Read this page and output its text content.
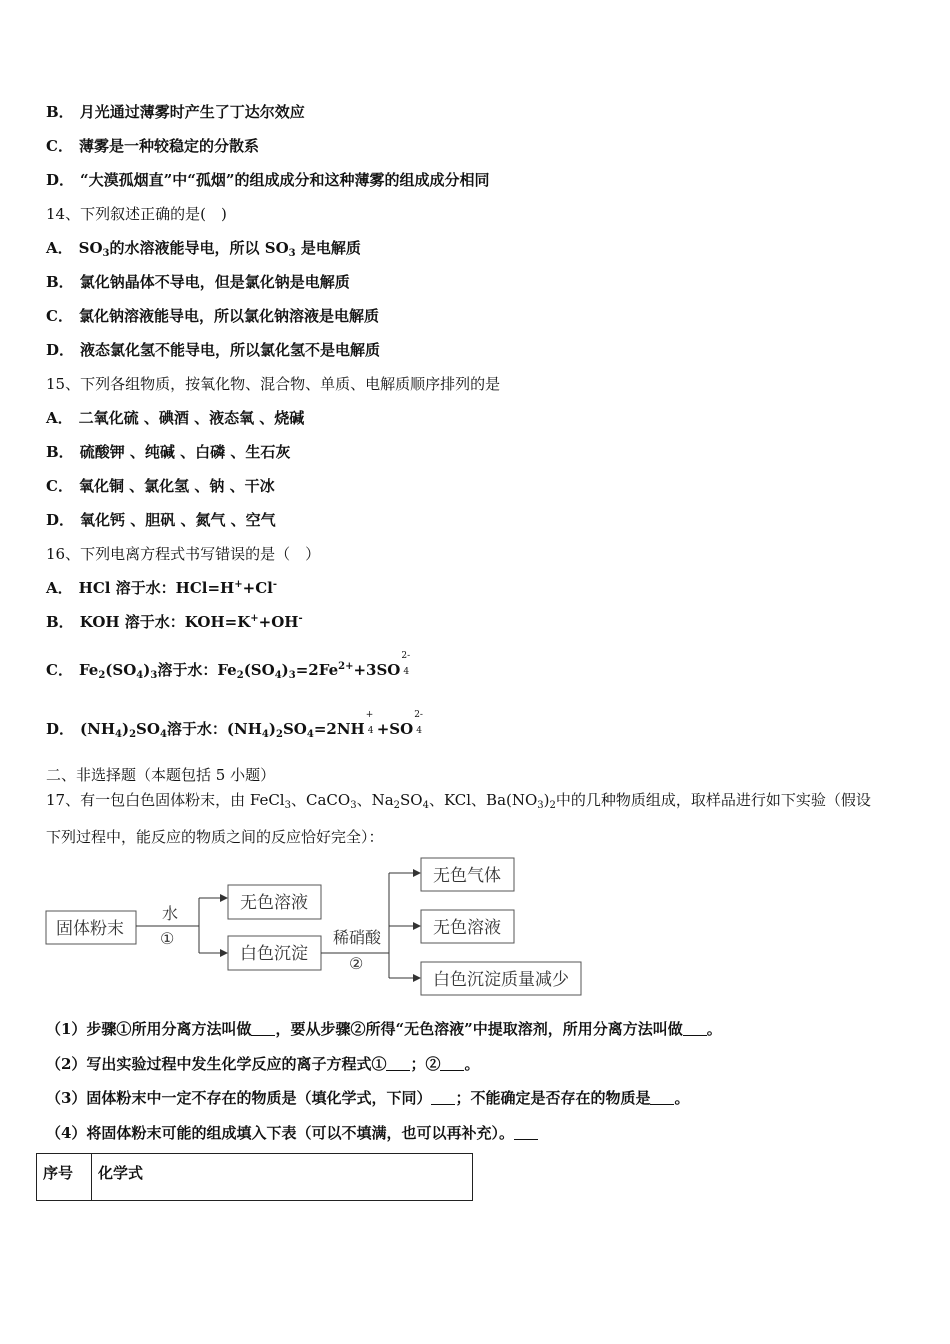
B． 月光通过薄雾时产生了丁达尔效应
C． 薄雾是一种较稳定的分散系
D． “大漠孤烟直”中“孤烟”的组成成分和这种薄雾的组成成分相同
14、下列叙述正确的是(　)
A． $SO_3$的水溶液能导电，所以 $SO_3$ 是电解质
B． 氯化钠晶体不导电，但是氯化钠是电解质
C． 氯化钠溶液能导电，所以氯化钠溶液是电解质
D． 液态氯化氢不能导电，所以氯化氢不是电解质
15、下列各组物质，按氧化物、混合物、单质、电解质顺序排列的是
A． 二氧化硫 、碘酒 、液态氧 、烧碱
B． 硫酸钾 、纯碱 、白磷 、生石灰
C． 氧化铜 、氯化氢 、钠 、干冰
D． 氧化钙 、胆矾 、氮气 、空气
16、下列电离方程式书写错误的是（　）
A． HCl 溶于水：HCl=H++Cl-
B． KOH 溶于水：KOH=K++OH-
C． $Fe_2(SO_4)_3$溶于水：$Fe_2(SO_4)_3=2Fe^{2+}+3SO$
2-
4
D． $(NH_4)_2SO_4$溶于水：$(NH_4)_2SO_4=2NH$
+
4 +SO
2-
4
二、非选择题（本题包括 5 小题）
17、有一包白色固体粉末，由 FeCl$_3$、CaCO$_3$、$Na_2SO_4$、KCl、$Ba(NO_3)_2$中的几种物质组成，取样品进行如下实验（假设
下列过程中，能反应的物质之间的反应恰好完全）：
固体粉末
水
①
无色溶液
白色沉淀
稀硝酸
②
无色气体
无色溶液
白色沉淀质量减少
（1）步骤①所用分离方法叫做 ，要从步骤②所得“无色溶液”中提取溶剂，所用分离方法叫做 。
（2）写出实验过程中发生化学反应的离子方程式① ；② 。
（3）固体粉末中一定不存在的物质是（填化学式，下同） ；不能确定是否存在的物质是 。
（4）将固体粉末可能的组成填入下表（可以不填满，也可以再补充）。
序号	化学式
